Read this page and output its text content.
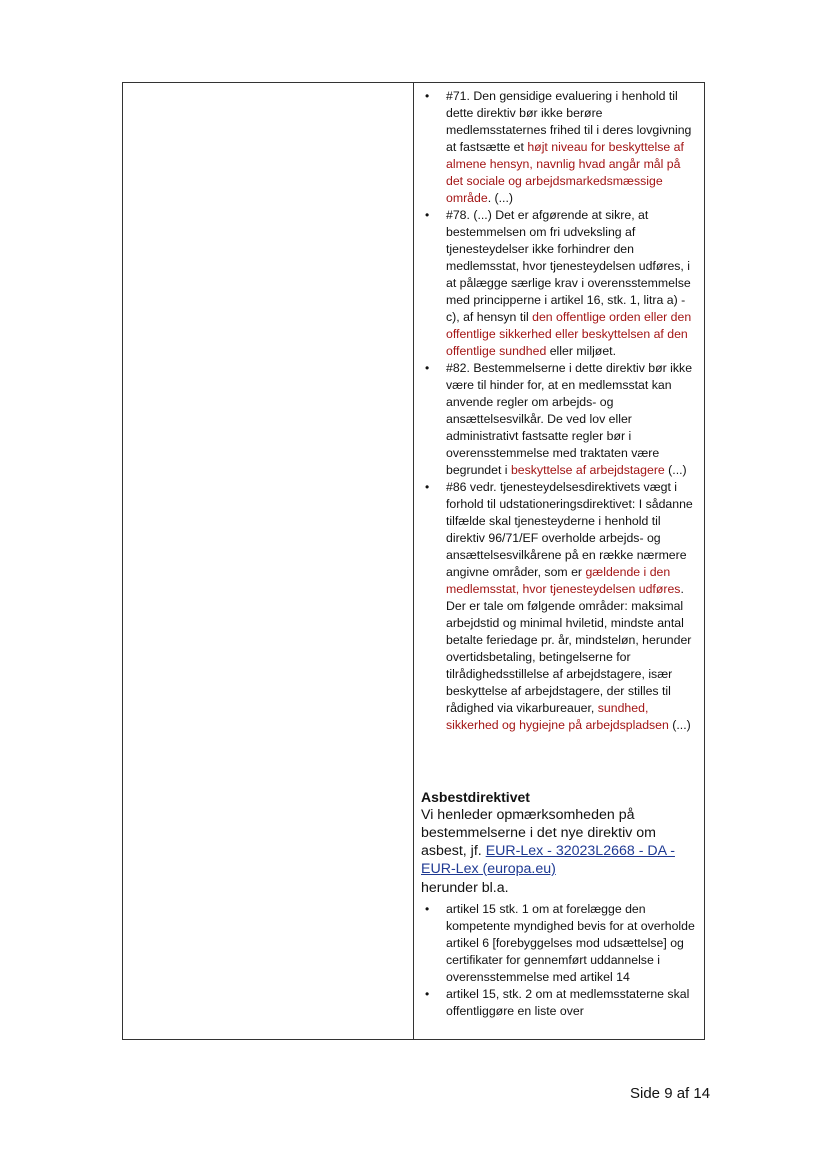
• #71. Den gensidige evaluering i henhold til dette direktiv bør ikke berøre medlemsstaternes frihed til i deres lovgivning at fastsætte et højt niveau for beskyttelse af almene hensyn, navnlig hvad angår mål på det sociale og arbejdsmarkedsmæssige område. (...)
• #78. (...) Det er afgørende at sikre, at bestemmelsen om fri udveksling af tjenesteydelser ikke forhindrer den medlemsstat, hvor tjenesteydelsen udføres, i at pålægge særlige krav i overensstemmelse med principperne i artikel 16, stk. 1, litra a) -c), af hensyn til den offentlige orden eller den offentlige sikkerhed eller beskyttelsen af den offentlige sundhed eller miljøet.
• #82. Bestemmelserne i dette direktiv bør ikke være til hinder for, at en medlemsstat kan anvende regler om arbejds- og ansættelsesvilkår. De ved lov eller administrativt fastsatte regler bør i overensstemmelse med traktaten være begrundet i beskyttelse af arbejdstagere (...)
• #86 vedr. tjenesteydelsesdirektivets vægt i forhold til udstationeringsdirektivet: I sådanne tilfælde skal tjenesteyderne i henhold til direktiv 96/71/EF overholde arbejds- og ansættelsesvilkårene på en række nærmere angivne områder, som er gældende i den medlemsstat, hvor tjenesteydelsen udføres. Der er tale om følgende områder: maksimal arbejdstid og minimal hviletid, mindste antal betalte feriedage pr. år, mindsteløn, herunder overtidsbetaling, betingelserne for tilrådighedsstillelse af arbejdstagere, især beskyttelse af arbejdstagere, der stilles til rådighed via vikarbureauer, sundhed, sikkerhed og hygiejne på arbejdspladsen (...)
Asbestdirektivet
Vi henleder opmærksomheden på bestemmelserne i det nye direktiv om asbest, jf. EUR-Lex - 32023L2668 - DA - EUR-Lex (europa.eu)
herunder bl.a.
• artikel 15 stk. 1 om at forelægge den kompetente myndighed bevis for at overholde artikel 6 [forebyggelses mod udsættelse] og certifikater for gennemført uddannelse i overensstemmelse med artikel 14
• artikel 15, stk. 2 om at medlemsstaterne skal offentliggøre en liste over
Side 9 af 14
